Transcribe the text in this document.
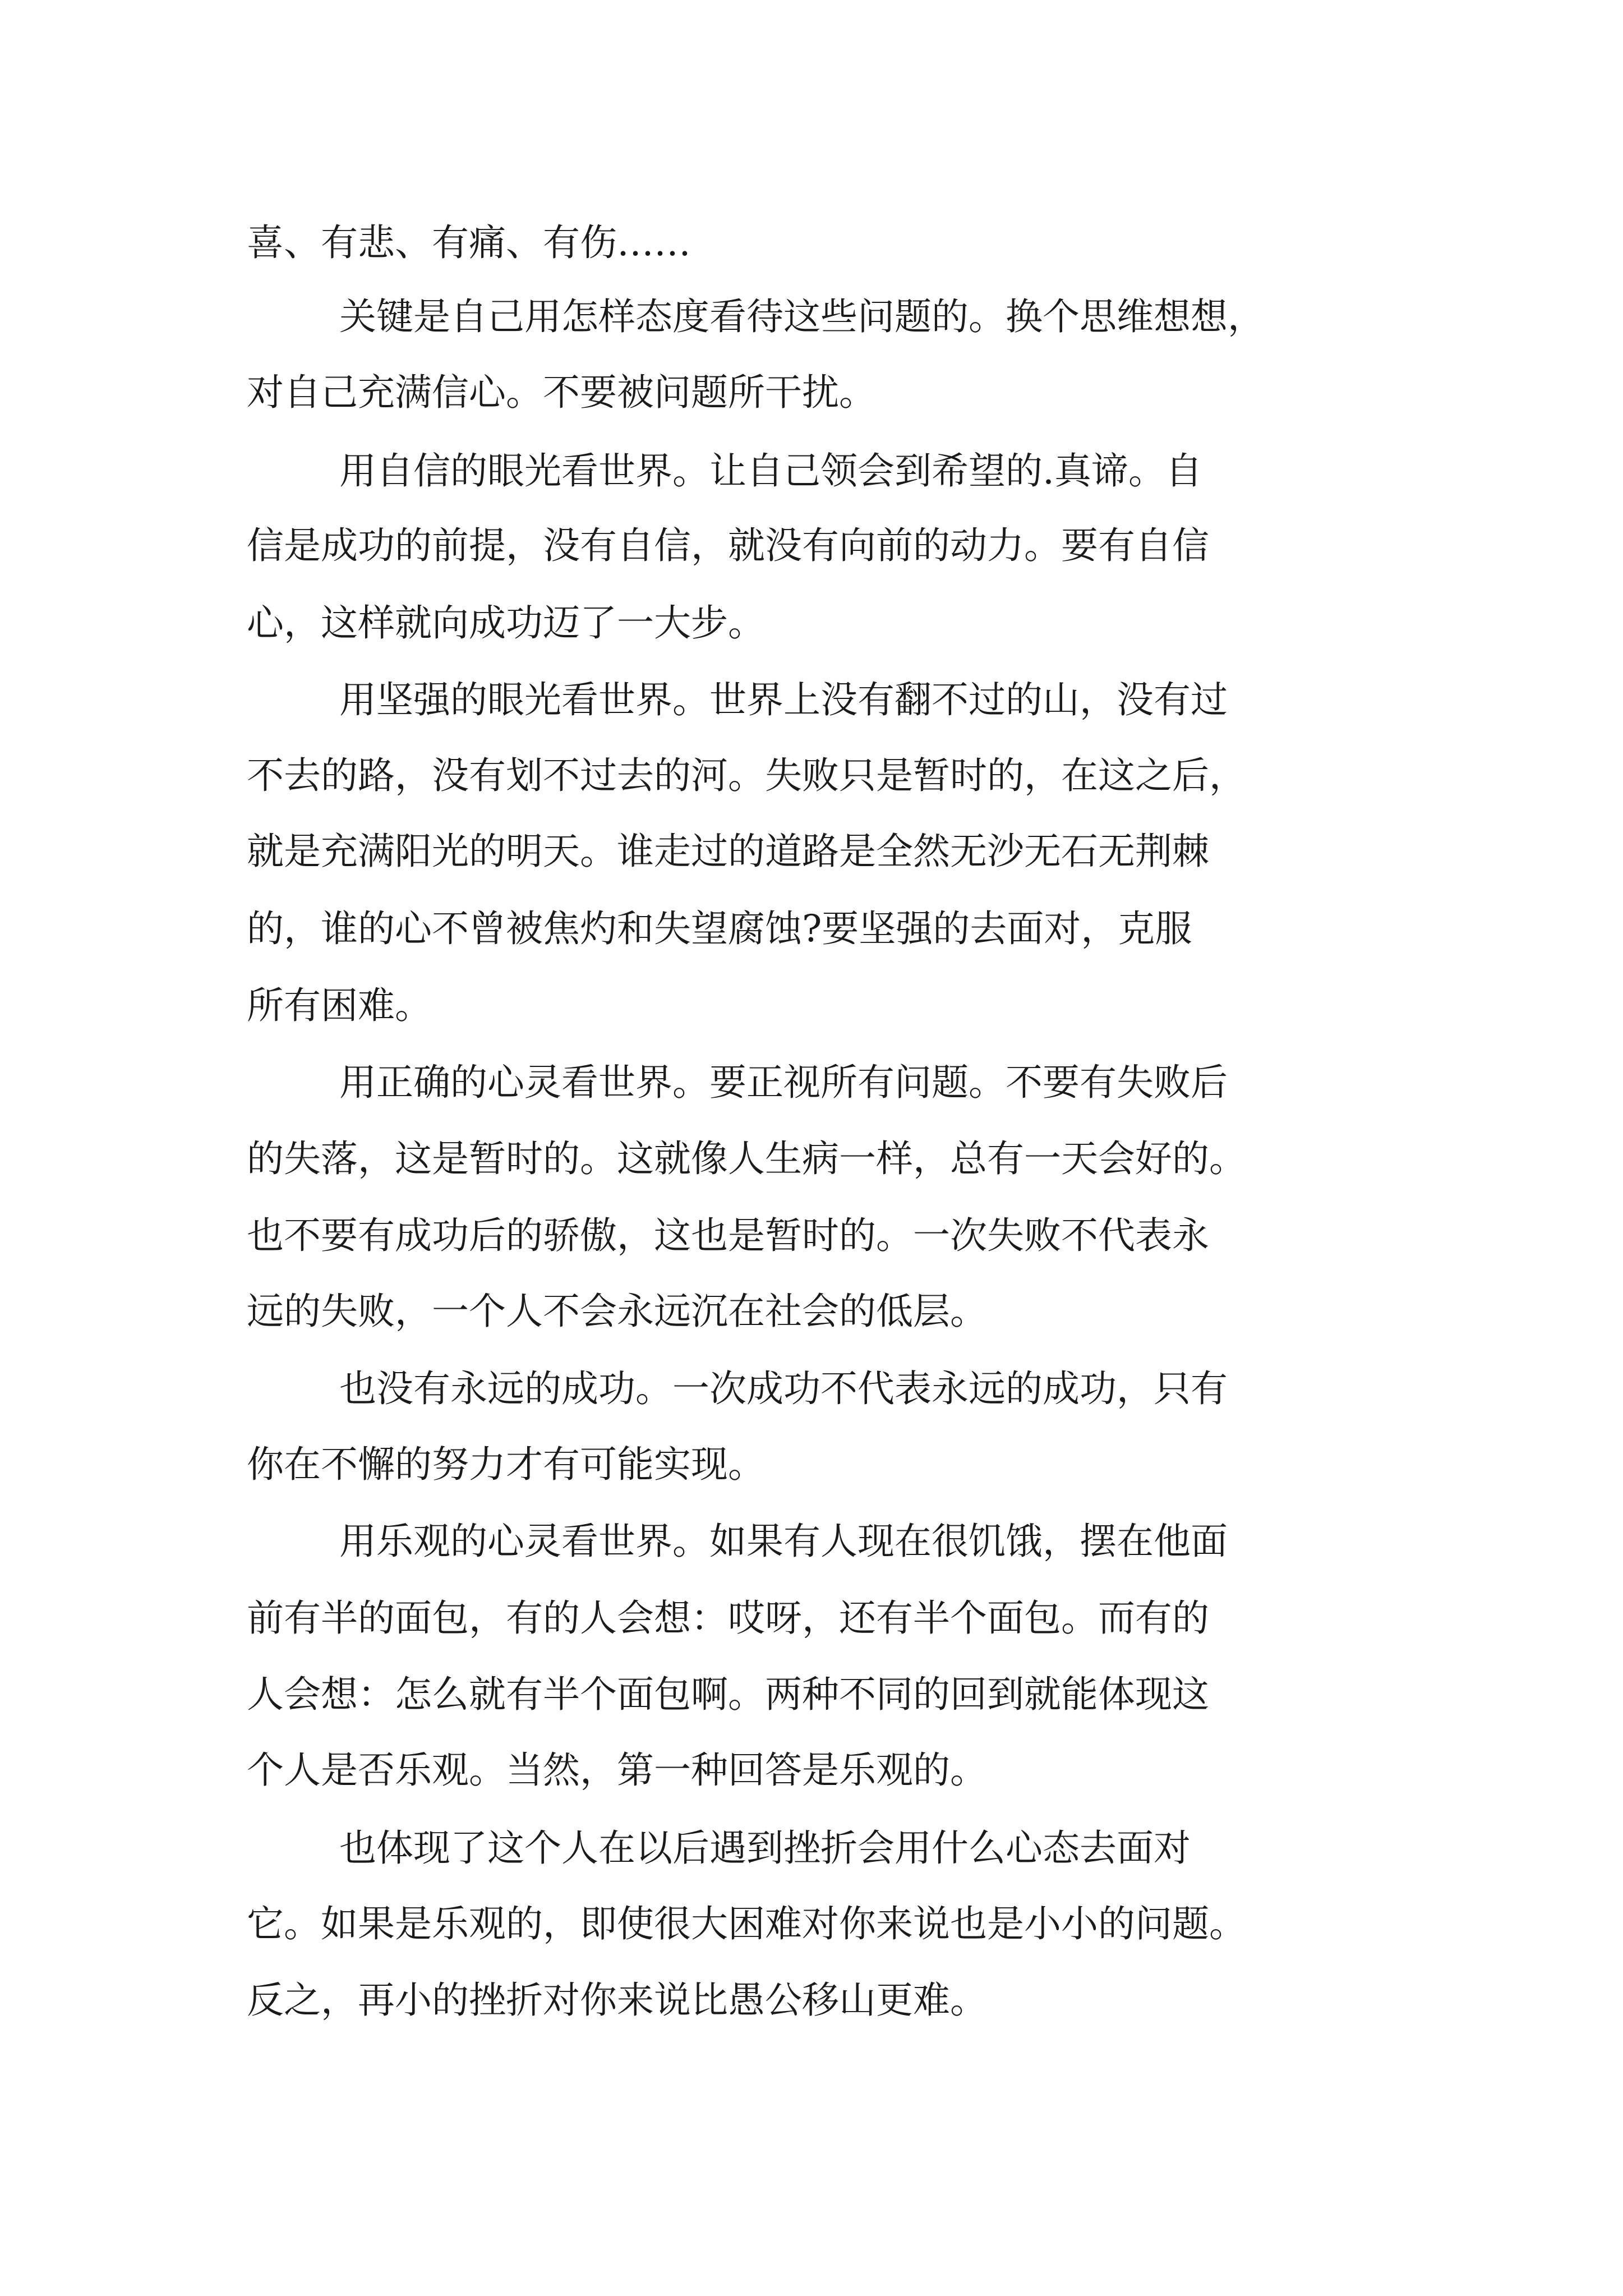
喜、有悲、有痛、有伤……
关键是自己用怎样态度看待这些问题的。换个思维想想，
对自己充满信心。不要被问题所干扰。
用自信的眼光看世界。让自己领会到希望的.真谛。自
信是成功的前提，没有自信，就没有向前的动力。要有自信
心，这样就向成功迈了一大步。
用坚强的眼光看世界。世界上没有翻不过的山，没有过
不去的路，没有划不过去的河。失败只是暂时的，在这之后，
就是充满阳光的明天。谁走过的道路是全然无沙无石无荆棘
的，谁的心不曾被焦灼和失望腐蚀?要坚强的去面对，克服
所有困难。
用正确的心灵看世界。要正视所有问题。不要有失败后
的失落，这是暂时的。这就像人生病一样，总有一天会好的。
也不要有成功后的骄傲，这也是暂时的。一次失败不代表永
远的失败，一个人不会永远沉在社会的低层。
也没有永远的成功。一次成功不代表永远的成功，只有
你在不懈的努力才有可能实现。
用乐观的心灵看世界。如果有人现在很饥饿，摆在他面
前有半的面包，有的人会想：哎呀，还有半个面包。而有的
人会想：怎么就有半个面包啊。两种不同的回到就能体现这
个人是否乐观。当然，第一种回答是乐观的。
也体现了这个人在以后遇到挫折会用什么心态去面对
它。如果是乐观的，即使很大困难对你来说也是小小的问题。
反之，再小的挫折对你来说比愚公移山更难。
